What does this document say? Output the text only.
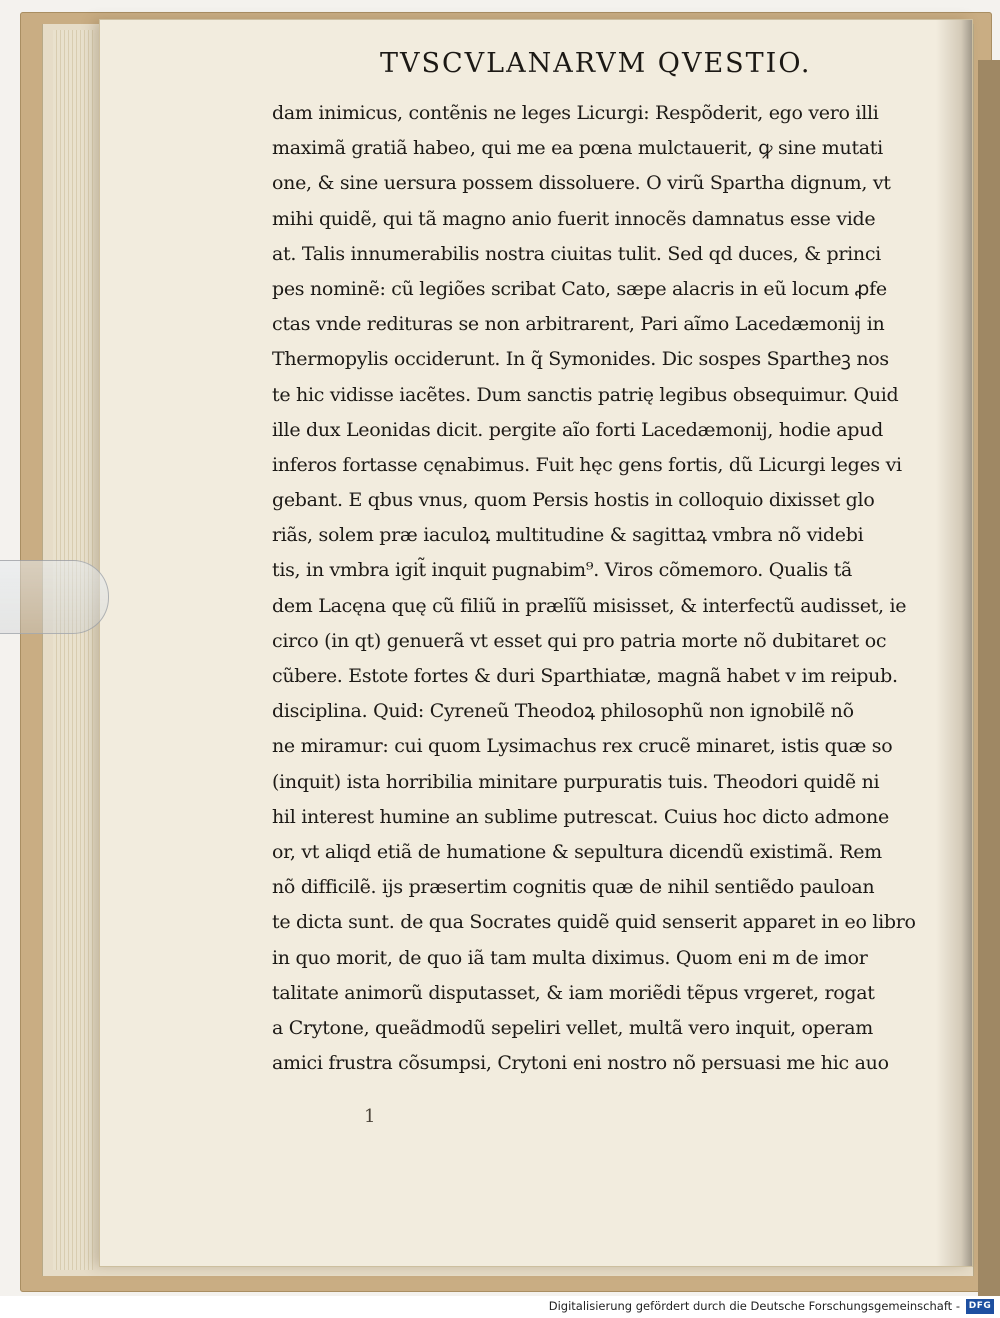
TVSCVLANARVM QVESTIO.
dam inimicus, contẽnis ne leges Licurgi: Respõderit, ego vero illi
maximã gratiã habeo, qui me ea pœna mulctauerit, ꝙ sine mutati
one, & sine uersura possem dissoluere. O virũ Spartha dignum, vt
mihi quidẽ, qui tã magno anio fuerit innocẽs damnatus esse vide
at. Talis innumerabilis nostra ciuitas tulit. Sed qd duces, & princi
pes nominẽ: cũ legiões scribat Cato, sæpe alacris in eũ locum ꝓfe
ctas vnde redituras se non arbitrarent, Pari aĩmo Lacedæmonij in
Thermopylis occiderunt. In q̃ Symonides. Dic sospes Spartheꝫ nos
te hic vidisse iacẽtes. Dum sanctis patrię legibus obsequimur. Quid
ille dux Leonidas dicit. pergite aĩo forti Lacedæmonij, hodie apud
inferos fortasse cęnabimus. Fuit hęc gens fortis, dũ Licurgi leges vi
gebant. E qbus vnus, quom Persis hostis in colloquio dixisset glo
riãs, solem præ iaculoꝝ multitudine & sagittaꝝ vmbra nõ videbi
tis, in vmbra igit̃ inquit pugnabim⁹. Viros cõmemoro. Qualis tã
dem Lacęna quę cũ filiũ in prælĩũ misisset, & interfectũ audisset, ie
circo (in qt) genuerã vt esset qui pro patria morte nõ dubitaret oc
cũbere. Estote fortes & duri Sparthiatæ, magnã habet v im reipub.
disciplina. Quid: Cyreneũ Theodoꝝ philosophũ non ignobilẽ nõ
ne miramur: cui quom Lysimachus rex crucẽ minaret, istis quæ so
(inquit) ista horribilia minitare purpuratis tuis. Theodori quidẽ ni
hil interest humine an sublime putrescat. Cuius hoc dicto admone
or, vt aliqd etiã de humatione & sepultura dicendũ existimã. Rem
nõ difficilẽ. ijs præsertim cognitis quæ de nihil sentiẽdo pauloan
te dicta sunt. de qua Socrates quidẽ quid senserit apparet in eo libro
in quo morit, de quo iã tam multa diximus. Quom eni m de imor
talitate animorũ disputasset, & iam moriẽdi tẽpus vrgeret, rogat
a Crytone, queãdmodũ sepeliri vellet, multã vero inquit, operam
amici frustra cõsumpsi, Crytoni eni nostro nõ persuasi me hic auo
1
Digitalisierung gefördert durch die Deutsche Forschungsgemeinschaft - DFG
